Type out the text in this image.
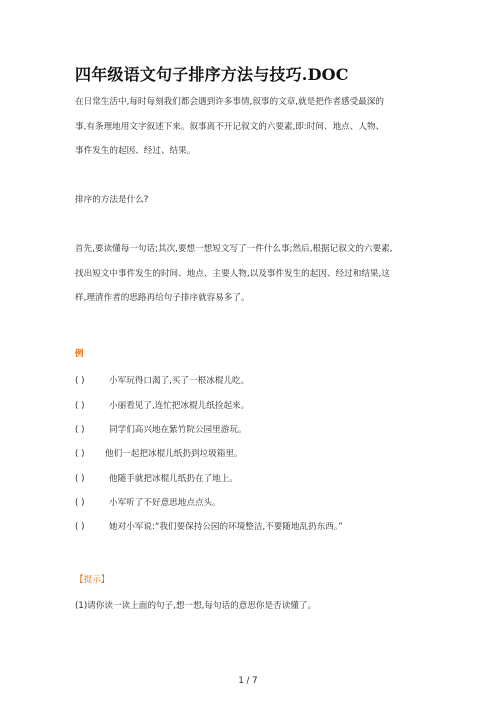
四年级语文句子排序方法与技巧.DOC
在日常生活中,每时每刻我们都会遇到许多事情,叙事的文章,就是把作者感受最深的
事,有条理地用文字叙述下来。叙事离不开记叙文的六要素,即:时间、地点、人物、
事件发生的起因、经过、结果。
排序的方法是什么?
首先,要读懂每一句话;其次,要想一想短文写了一件什么事;然后,根据记叙文的六要素,
找出短文中事件发生的时间、地点、主要人物,以及事件发生的起因、经过和结果,这
样,理清作者的思路再给句子排序就容易多了。
例
( )	小军玩得口渴了,买了一根冰棍儿吃。
( )	小丽看见了,连忙把冰棍儿纸捡起来。
( )	同学们高兴地在紫竹院公园里游玩。
( ) 他们一起把冰棍儿纸扔到垃圾箱里。
( )	他随手就把冰棍儿纸扔在了地上。
( )	小军听了不好意思地点点头。
( )	她对小军说:“我们要保持公园的环境整洁,不要随地乱扔东西。”
【提示】
(1)请你读一读上面的句子,想一想,每句话的意思你是否读懂了。
1 / 7
